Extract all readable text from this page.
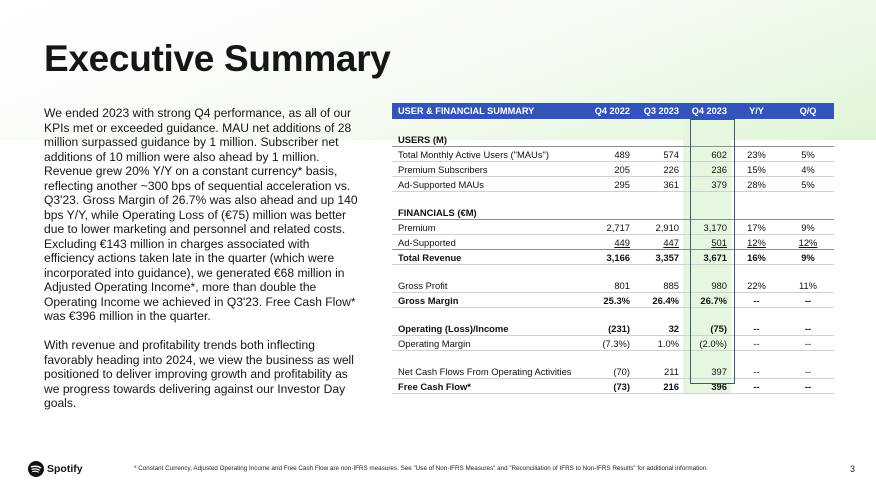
Executive Summary

We ended 2023 with strong Q4 performance, as all of our KPIs met or exceeded guidance. MAU net additions of 28 million surpassed guidance by 1 million. Subscriber net additions of 10 million were also ahead by 1 million. Revenue grew 20% Y/Y on a constant currency* basis, reflecting another ~300 bps of sequential acceleration vs. Q3'23. Gross Margin of 26.7% was also ahead and up 140 bps Y/Y, while Operating Loss of (€75) million was better due to lower marketing and personnel and related costs. Excluding €143 million in charges associated with efficiency actions taken late in the quarter (which were incorporated into guidance), we generated €68 million in Adjusted Operating Income*, more than double the Operating Income we achieved in Q3'23. Free Cash Flow* was €396 million in the quarter.

With revenue and profitability trends both inflecting favorably heading into 2024, we view the business as well positioned to deliver improving growth and profitability as we progress towards delivering against our Investor Day goals.

USER & FINANCIAL SUMMARY	Q4 2022	Q3 2023	Q4 2023	Y/Y	Q/Q

USERS (M)					
Total Monthly Active Users ("MAUs")	489	574	602	23%	5%
Premium Subscribers	205	226	236	15%	4%
Ad-Supported MAUs	295	361	379	28%	5%

FINANCIALS (€M)					
Premium	2,717	2,910	3,170	17%	9%
Ad-Supported	449	447	501	12%	12%
Total Revenue	3,166	3,357	3,671	16%	9%

Gross Profit	801	885	980	22%	11%
Gross Margin	25.3%	26.4%	26.7%	--	--

Operating (Loss)/Income	(231)	32	(75)	--	--
Operating Margin	(7.3%)	1.0%	(2.0%)	--	--

Net Cash Flows From Operating Activities	(70)	211	397	--	--
Free Cash Flow*	(73)	216	396	--	--
Spotify	* Constant Currency, Adjusted Operating Income and Free Cash Flow are non-IFRS measures. See "Use of Non-IFRS Measures" and "Reconciliation of IFRS to Non-IFRS Results" for additional information.	3
